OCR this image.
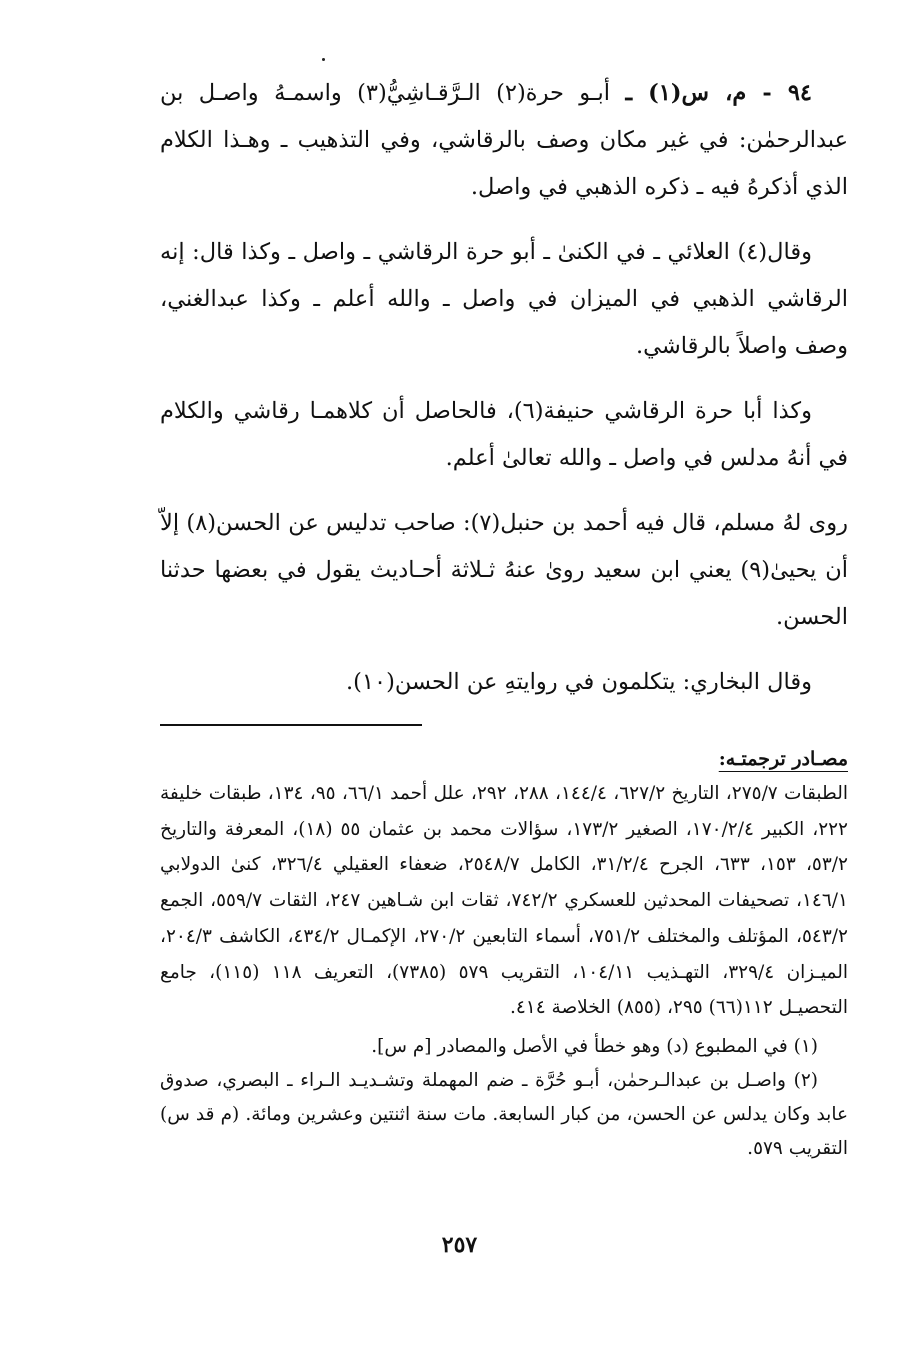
٩٤ - م، س(١) ـ أبـو حرة(٢) الـرَّقـاشِيُّ(٣) واسمـهُ واصـل بن عبدالرحمٰن: في غير مكان وصف بالرقاشي، وفي التذهيب ـ وهـذا الكلام الذي أذكرهُ فيه ـ ذكره الذهبي في واصل.

وقال(٤) العلائي ـ في الكنىٰ ـ أبو حرة الرقاشي ـ واصل ـ وكذا قال: إنه الرقاشي الذهبي في الميزان في واصل ـ والله أعلم ـ وكذا عبدالغني، وصف واصلاً بالرقاشي.

وكذا أبا حرة الرقاشي حنيفة(٦)، فالحاصل أن كلاهمـا رقاشي والكلام في أنهُ مدلس في واصل ـ والله تعالىٰ أعلم.

روى لهُ مسلم، قال فيه أحمد بن حنبل(٧): صاحب تدليس عن الحسن(٨) إلاّ أن يحيىٰ(٩) يعني ابن سعيد روىٰ عنهُ ثـلاثة أحـاديث يقول في بعضها حدثنا الحسن.

وقال البخاري: يتكلمون في روايتهِ عن الحسن(١٠).

مصـادر ترجمتـه:

الطبقات ٢٧٥/٧، التاريخ ٦٢٧/٢، ١٤٤/٤، ٢٨٨، ٢٩٢، علل أحمد ٦٦/١، ٩٥، ١٣٤، طبقات خليفة ٢٢٢، الكبير ١٧٠/٢/٤، الصغير ١٧٣/٢، سؤالات محمد بن عثمان ٥٥ (١٨)، المعرفة والتاريخ ٥٣/٢، ١٥٣، ٦٣٣، الجرح ٣١/٢/٤، الكامل ٢٥٤٨/٧، ضعفاء العقيلي ٣٢٦/٤، كنىٰ الدولابي ١٤٦/١، تصحيفات المحدثين للعسكري ٧٤٢/٢، ثقات ابن شـاهين ٢٤٧، الثقات ٥٥٩/٧، الجمع ٥٤٣/٢، المؤتلف والمختلف ٧٥١/٢، أسماء التابعين ٢٧٠/٢، الإكمـال ٤٣٤/٢، الكاشف ٢٠٤/٣، الميـزان ٣٢٩/٤، التهـذيب ١٠٤/١١، التقريب ٥٧٩ (٧٣٨٥)، التعريف ١١٨ (١١٥)، جامع التحصيـل ١١٢(٦٦) ٢٩٥، (٨٥٥) الخلاصة ٤١٤.

(١) في المطبوع (د) وهو خطأ في الأصل والمصادر [م س].

(٢) واصـل بن عبدالـرحمٰن، أبـو حُرَّة ـ ضم المهملة وتشـديـد الـراء ـ البصري، صدوق عابد وكان يدلس عن الحسن، من كبار السابعة. مات سنة اثنتين وعشرين ومائة. (م قد س) التقريب ٥٧٩.

٢٥٧
